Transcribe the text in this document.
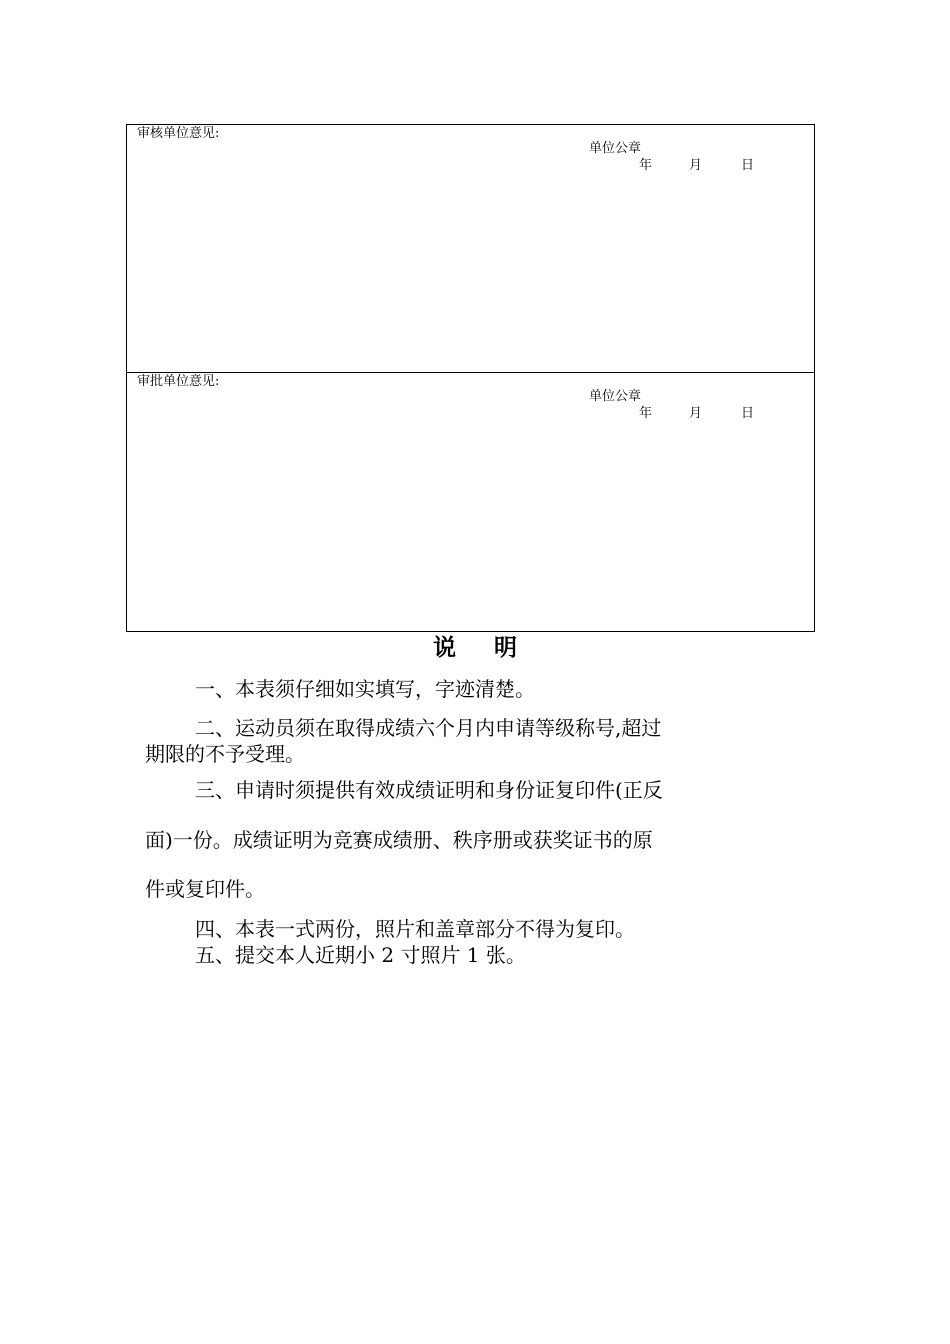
审核单位意见:
单位公章
年	月	日
审批单位意见:
单位公章
年	月	日
说 明
一、本表须仔细如实填写，字迹清楚。
二、运动员须在取得成绩六个月内申请等级称号,超过
期限的不予受理。
三、申请时须提供有效成绩证明和身份证复印件(正反
面)一份。成绩证明为竞赛成绩册、秩序册或获奖证书的原
件或复印件。
四、本表一式两份，照片和盖章部分不得为复印。
五、提交本人近期小 2 寸照片 1 张。
